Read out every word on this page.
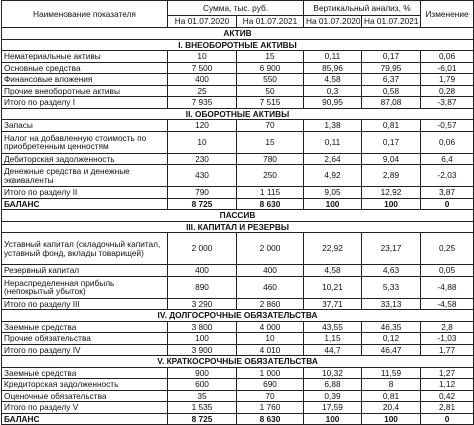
Наименование показателя	Сумма, тыс. руб.		Вертикальный анализ, %		Изменение
	На 01.07.2020	На 01.07.2021	На 01.07.2020	На 01.07.2021	
АКТИВ					
I. ВНЕОБОРОТНЫЕ АКТИВЫ					
Нематериальные активы	10	15	0,11	0,17	0,06
Основные средства	7 500	6 900	85,96	79,95	-6,01
Финансовые вложения	400	550	4,58	6,37	1,79
Прочие внеоборотные активы	25	50	0,3	0,58	0,28
Итого по разделу I	7 935	7 515	90,95	87,08	-3,87
II. ОБОРОТНЫЕ АКТИВЫ					
Запасы	120	70	1,38	0,81	-0,57
Налог на добавленную стоимость по приобретенным ценностям	10	15	0,11	0,17	0,06
Дебиторская задолженность	230	780	2,64	9,04	6,4
Денежные средства и денежные эквиваленты	430	250	4,92	2,89	-2,03
Итого по разделу II	790	1 115	9,05	12,92	3,87
БАЛАНС	8 725	8 630	100	100	0
ПАССИВ					
III. КАПИТАЛ И РЕЗЕРВЫ					
Уставный капитал (складочный капитал, уставный фонд, вклады товарищей)	2 000	2 000	22,92	23,17	0,25
Резервный капитал	400	400	4,58	4,63	0,05
Нераспределенная прибыль (непокрытый убыток)	890	460	10,21	5,33	-4,88
Итого по разделу III	3 290	2 860	37,71	33,13	-4,58
IV. ДОЛГОСРОЧНЫЕ ОБЯЗАТЕЛЬСТВА					
Заемные средства	3 800	4 000	43,55	46,35	2,8
Прочие обязательства	100	10	1,15	0,12	-1,03
Итого по разделу IV	3 900	4 010	44,7	46,47	1,77
V. КРАТКОСРОЧНЫЕ ОБЯЗАТЕЛЬСТВА					
Заемные средства	900	1 000	10,32	11,59	1,27
Кредиторская задолженность	600	690	6,88	8	1,12
Оценочные обязательства	35	70	0,39	0,81	0,42
Итого по разделу V	1 535	1 760	17,59	20,4	2,81
БАЛАНС	8 725	8 630	100	100	0
